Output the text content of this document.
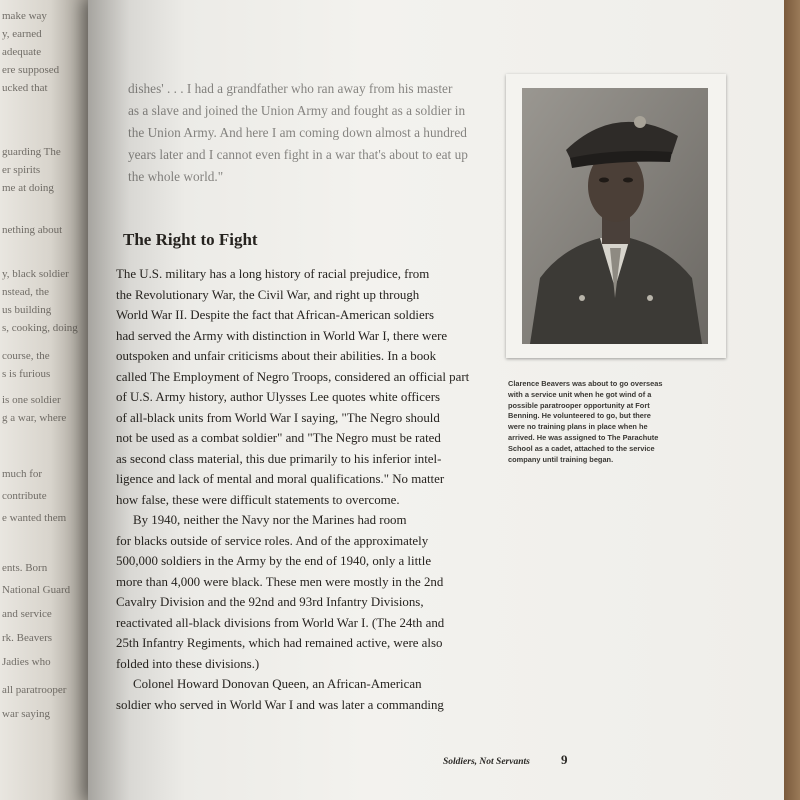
make way
y, earned
adequate
ere supposed
ucked that
guarding The
er spirits
me at doing
nething about
y, black soldier
nstead, the
us building
s, cooking, doing
course, the
s is furious
is one soldier
g a war, where
much for
contribute
e wanted them
ents. Born
National Guard
and service
rk. Beavers
Jadies who
all paratrooper
war saying
dishes' . . . I had a grandfather who ran away from his master
as a slave and joined the Union Army and fought as a soldier in
the Union Army. And here I am coming down almost a hundred
years later and I cannot even fight in a war that's about to eat up
the whole world."
The Right to Fight
The U.S. military has a long history of racial prejudice, from
the Revolutionary War, the Civil War, and right up through
World War II. Despite the fact that African-American soldiers
had served the Army with distinction in World War I, there were
outspoken and unfair criticisms about their abilities. In a book
called The Employment of Negro Troops, considered an official part
of U.S. Army history, author Ulysses Lee quotes white officers
of all-black units from World War I saying, "The Negro should
not be used as a combat soldier" and "The Negro must be rated
as second class material, this due primarily to his inferior intel-
ligence and lack of mental and moral qualifications." No matter
how false, these were difficult statements to overcome.
By 1940, neither the Navy nor the Marines had room
for blacks outside of service roles. And of the approximately
500,000 soldiers in the Army by the end of 1940, only a little
more than 4,000 were black. These men were mostly in the 2nd
Cavalry Division and the 92nd and 93rd Infantry Divisions,
reactivated all-black divisions from World War I. (The 24th and
25th Infantry Regiments, which had remained active, were also
folded into these divisions.)
Colonel Howard Donovan Queen, an African-American
soldier who served in World War I and was later a commanding
Clarence Beavers was about to go overseas
with a service unit when he got wind of a
possible paratrooper opportunity at Fort
Benning. He volunteered to go, but there
were no training plans in place when he
arrived. He was assigned to The Parachute
School as a cadet, attached to the service
company until training began.
Soldiers, Not Servants 9
